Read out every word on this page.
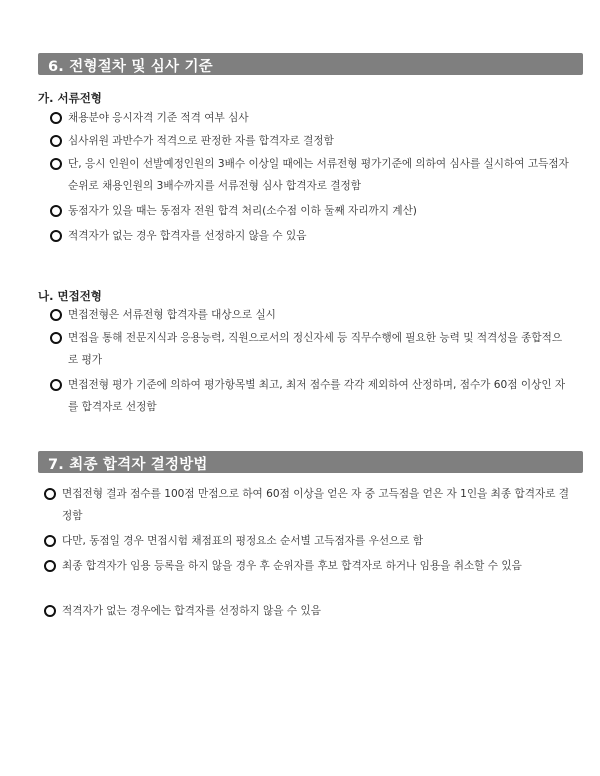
6. 전형절차 및 심사 기준
가. 서류전형
채용분야 응시자격 기준 적격 여부 심사
심사위원 과반수가 적격으로 판정한 자를 합격자로 결정함
단, 응시 인원이 선발예정인원의 3배수 이상일 때에는 서류전형 평가기준에 의하여 심사를 실시하여 고득점자 순위로 채용인원의 3배수까지를 서류전형 심사 합격자로 결정함
동점자가 있을 때는 동점자 전원 합격 처리(소수점 이하 둘째 자리까지 계산)
적격자가 없는 경우 합격자를 선정하지 않을 수 있음
나. 면접전형
면접전형은 서류전형 합격자를 대상으로 실시
면접을 통해 전문지식과 응용능력, 직원으로서의 정신자세 등 직무수행에 필요한 능력 및 적격성을 종합적으로 평가
면접전형 평가 기준에 의하여 평가항목별 최고, 최저 점수를 각각 제외하여 산정하며, 점수가 60점 이상인 자를 합격자로 선정함
7. 최종 합격자 결정방법
면접전형 결과 점수를 100점 만점으로 하여 60점 이상을 얻은 자 중 고득점을 얻은 자 1인을 최종 합격자로 결정함
다만, 동점일 경우 면접시험 채점표의 평정요소 순서별 고득점자를 우선으로 함
최종 합격자가 임용 등록을 하지 않을 경우 후 순위자를 후보 합격자로 하거나 임용을 취소할 수 있음
적격자가 없는 경우에는 합격자를 선정하지 않을 수 있음
